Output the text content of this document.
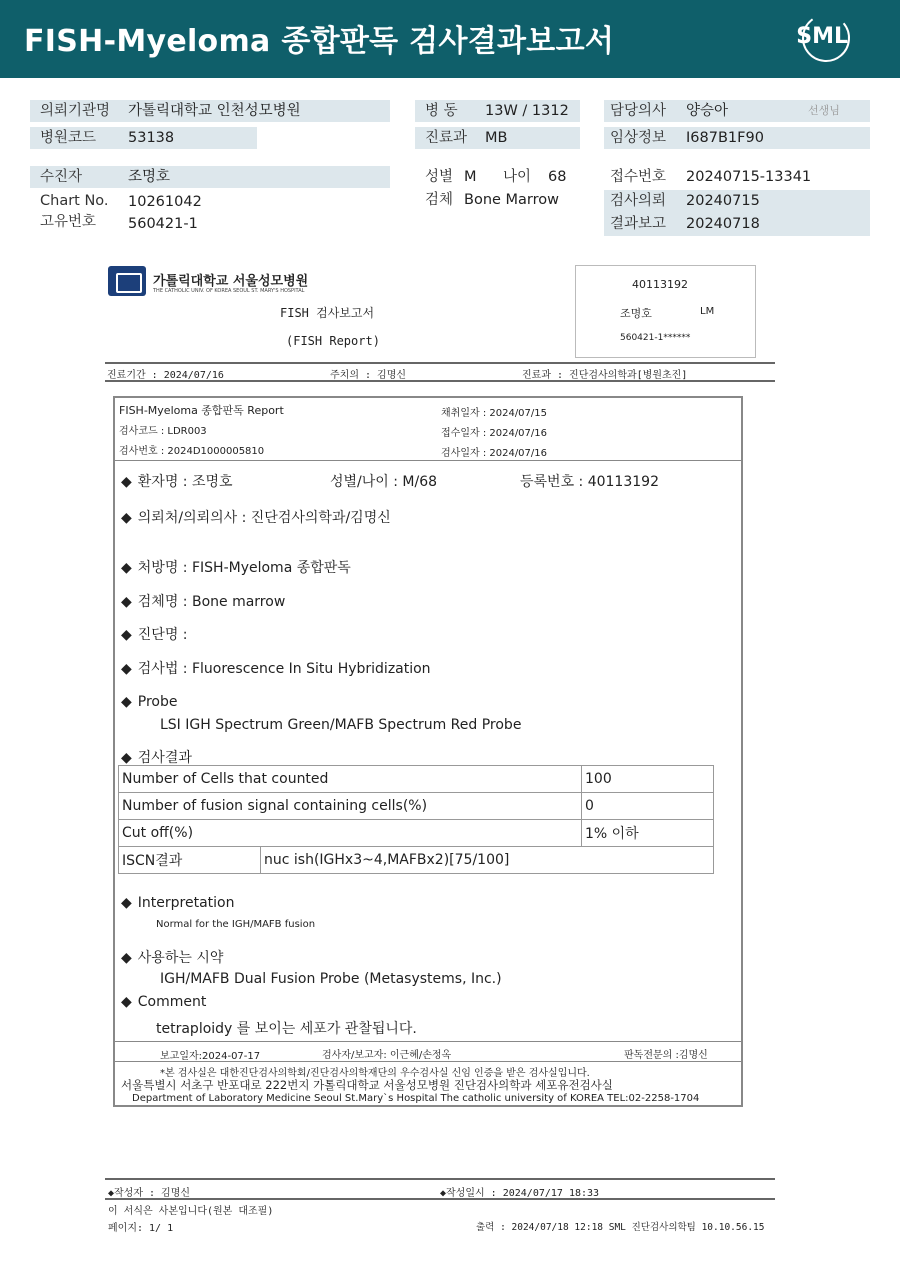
FISH-Myeloma 종합판독 검사결과보고서	SML
의뢰기관명 가톨릭대학교 인천성모병원
병원코드 53138
병 동 13W / 1312
진료과 MB
담당의사 양승아	선생님
임상정보 I687B1F90
수진자	조명호
Chart No. 10261042
고유번호 560421-1
성별 M 나이 68
검체 Bone Marrow
접수번호 20240715-13341
검사의뢰 20240715
결과보고 20240718
가톨릭대학교 서울성모병원
THE CATHOLIC UNIV. OF KOREA SEOUL ST. MARY'S HOSPITAL
FISH 검사보고서
(FISH Report)
40113192
조명호	LM
560421-1******
진료기간 : 2024/07/16	주치의 : 김명신	진료과 : 진단검사의학과[병원초진]
FISH-Myeloma 종합판독 Report
검사코드 : LDR003
검사번호 : 2024D1000005810
채취일자 : 2024/07/15
접수일자 : 2024/07/16
검사일자 : 2024/07/16
◆ 환자명 : 조명호	성별/나이 : M/68	등록번호 : 40113192
◆ 의뢰처/의뢰의사 : 진단검사의학과/김명신
◆ 처방명 : FISH-Myeloma 종합판독
◆ 검체명 : Bone marrow
◆ 진단명 :
◆ 검사법 : Fluorescence In Situ Hybridization
◆ Probe
LSI IGH Spectrum Green/MAFB Spectrum Red Probe
◆ 검사결과
Number of Cells that counted		100
Number of fusion signal containing cells(%)		0
Cut off(%)		1% 이하
ISCN결과	nuc ish(IGHx3~4,MAFBx2)[75/100]	
◆ Interpretation
Normal for the IGH/MAFB fusion
◆ 사용하는 시약
IGH/MAFB Dual Fusion Probe (Metasystems, Inc.)
◆ Comment
tetraploidy 를 보이는 세포가 관찰됩니다.
보고일자:2024-07-17	검사자/보고자: 이근혜/손정옥	판독전문의 :김명신
*본 검사실은 대한진단검사의학회/진단검사의학재단의 우수검사실 신임 인증을 받은 검사실입니다.
서울특별시 서초구 반포대로 222번지 가톨릭대학교 서울성모병원 진단검사의학과 세포유전검사실
Department of Laboratory Medicine Seoul St.Mary`s Hospital The catholic university of KOREA TEL:02-2258-1704
◆작성자 : 김명신	◆작성일시 : 2024/07/17 18:33
이 서식은 사본입니다(원본 대조필)
페이지: 1/ 1	출력 : 2024/07/18 12:18 SML 진단검사의학팀 10.10.56.15
